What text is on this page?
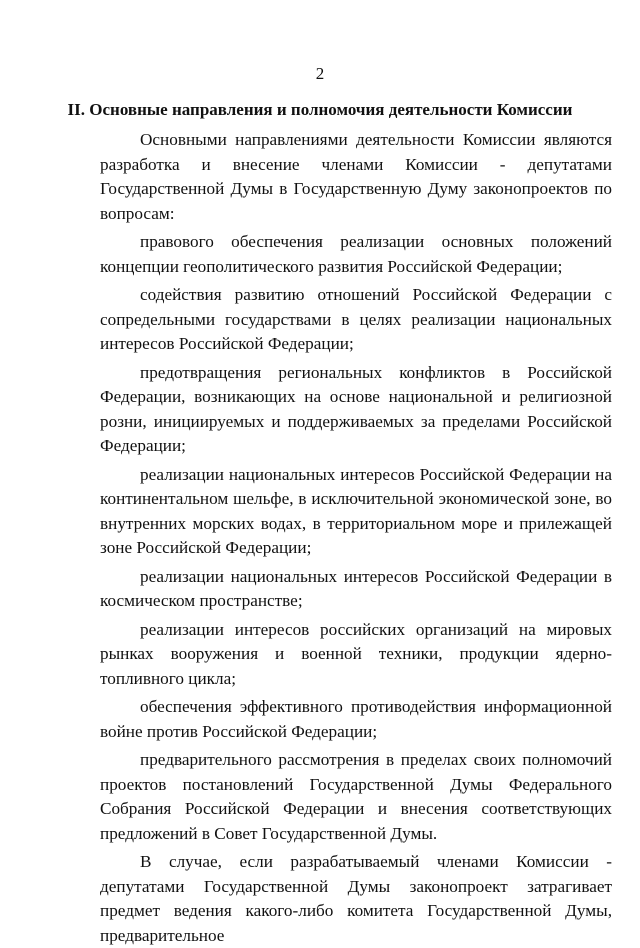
2
II. Основные направления и полномочия деятельности Комиссии

Основными направлениями деятельности Комиссии являются разработка и внесение членами Комиссии - депутатами Государственной Думы в Государственную Думу законопроектов по вопросам:

правового обеспечения реализации основных положений концепции геополитического развития Российской Федерации;

содействия развитию отношений Российской Федерации с сопредельными государствами в целях реализации национальных интересов Российской Федерации;

предотвращения региональных конфликтов в Российской Федерации, возникающих на основе национальной и религиозной розни, инициируемых и поддерживаемых за пределами Российской Федерации;

реализации национальных интересов Российской Федерации на континентальном шельфе, в исключительной экономической зоне, во внутренних морских водах, в территориальном море и прилежащей зоне Российской Федерации;

реализации национальных интересов Российской Федерации в космическом пространстве;

реализации интересов российских организаций на мировых рынках вооружения и военной техники, продукции ядерно-топливного цикла;

обеспечения эффективного противодействия информационной войне против Российской Федерации;

предварительного рассмотрения в пределах своих полномочий проектов постановлений Государственной Думы Федерального Собрания Российской Федерации и внесения соответствующих предложений в Совет Государственной Думы.

В случае, если разрабатываемый членами Комиссии - депутатами Государственной Думы законопроект затрагивает предмет ведения какого-либо комитета Государственной Думы, предварительное
